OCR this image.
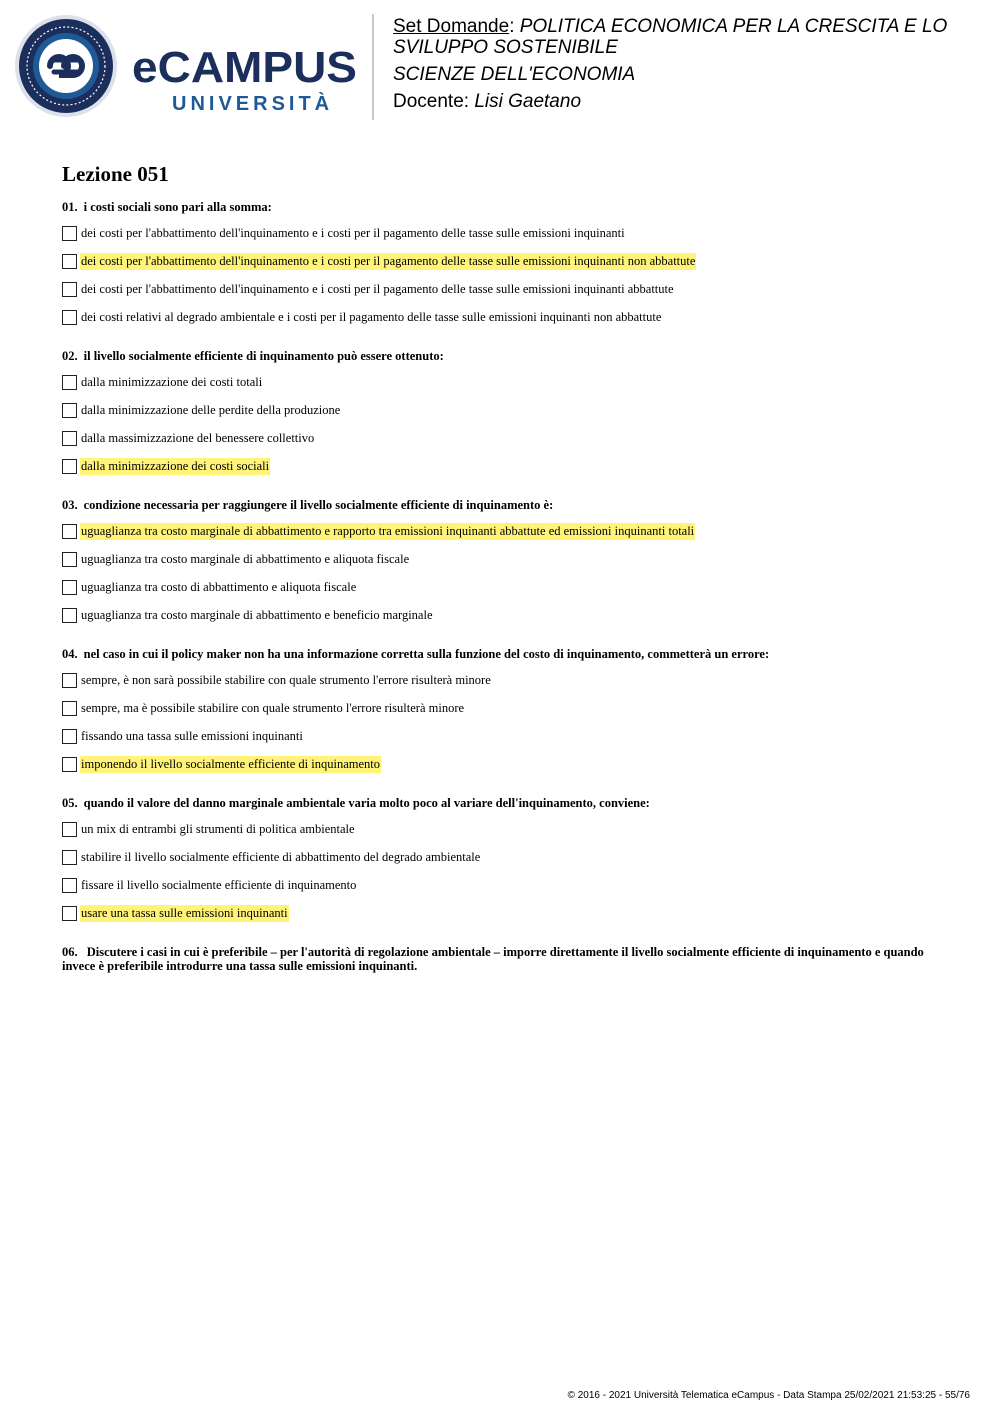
eCAMPUS
UNIVERSITÀ

Set Domande: POLITICA ECONOMICA PER LA CRESCITA E LO

SVILUPPO SOSTENIBILE

SCIENZE DELL'ECONOMIA

Docente: Lisi Gaetano

Lezione 051

01. i costi sociali sono pari alla somma:

dei costi per l'abbattimento dell'inquinamento e i costi per il pagamento delle tasse sulle emissioni inquinanti
dei costi per l'abbattimento dell'inquinamento e i costi per il pagamento delle tasse sulle emissioni inquinanti non abbattute
dei costi per l'abbattimento dell'inquinamento e i costi per il pagamento delle tasse sulle emissioni inquinanti abbattute
dei costi relativi al degrado ambientale e i costi per il pagamento delle tasse sulle emissioni inquinanti non abbattute

02. il livello socialmente efficiente di inquinamento può essere ottenuto:

dalla minimizzazione dei costi totali
dalla minimizzazione delle perdite della produzione
dalla massimizzazione del benessere collettivo
dalla minimizzazione dei costi sociali

03. condizione necessaria per raggiungere il livello socialmente efficiente di inquinamento è:

uguaglianza tra costo marginale di abbattimento e rapporto tra emissioni inquinanti abbattute ed emissioni inquinanti totali
uguaglianza tra costo marginale di abbattimento e aliquota fiscale
uguaglianza tra costo di abbattimento e aliquota fiscale
uguaglianza tra costo marginale di abbattimento e beneficio marginale

04. nel caso in cui il policy maker non ha una informazione corretta sulla funzione del costo di inquinamento, commetterà un errore:

sempre, è non sarà possibile stabilire con quale strumento l'errore risulterà minore
sempre, ma è possibile stabilire con quale strumento l'errore risulterà minore
fissando una tassa sulle emissioni inquinanti
imponendo il livello socialmente efficiente di inquinamento

05. quando il valore del danno marginale ambientale varia molto poco al variare dell'inquinamento, conviene:

un mix di entrambi gli strumenti di politica ambientale
stabilire il livello socialmente efficiente di abbattimento del degrado ambientale
fissare il livello socialmente efficiente di inquinamento
usare una tassa sulle emissioni inquinanti
06. Discutere i casi in cui è preferibile – per l'autorità di regolazione ambientale – imporre direttamente il livello socialmente efficiente di inquinamento e quando invece è preferibile introdurre una tassa sulle emissioni inquinanti.
© 2016 - 2021 Università Telematica eCampus - Data Stampa 25/02/2021 21:53:25 - 55/76
